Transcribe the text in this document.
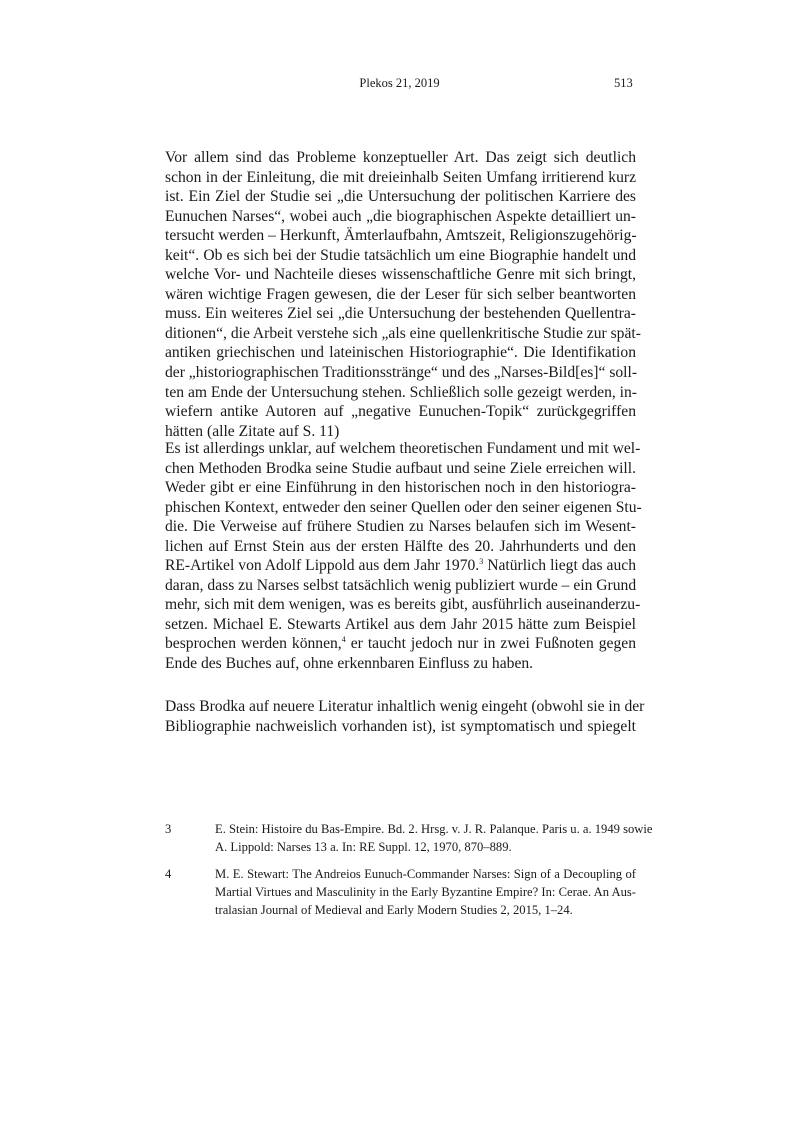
Plekos 21, 2019	513
Vor allem sind das Probleme konzeptueller Art. Das zeigt sich deutlich
schon in der Einleitung, die mit dreieinhalb Seiten Umfang irritierend kurz
ist. Ein Ziel der Studie sei „die Untersuchung der politischen Karriere des
Eunuchen Narses“, wobei auch „die biographischen Aspekte detailliert un-
tersucht werden – Herkunft, Ämterlaufbahn, Amtszeit, Religionszugehörig-
keit“. Ob es sich bei der Studie tatsächlich um eine Biographie handelt und
welche Vor- und Nachteile dieses wissenschaftliche Genre mit sich bringt,
wären wichtige Fragen gewesen, die der Leser für sich selber beantworten
muss. Ein weiteres Ziel sei „die Untersuchung der bestehenden Quellentra-
ditionen“, die Arbeit verstehe sich „als eine quellenkritische Studie zur spät-
antiken griechischen und lateinischen Historiographie“. Die Identifikation
der „historiographischen Traditionsstränge“ und des „Narses-Bild[es]“ soll-
ten am Ende der Untersuchung stehen. Schließlich solle gezeigt werden, in-
wiefern antike Autoren auf „negative Eunuchen-Topik“ zurückgegriffen
hätten (alle Zitate auf S. 11)
Es ist allerdings unklar, auf welchem theoretischen Fundament und mit wel-
chen Methoden Brodka seine Studie aufbaut und seine Ziele erreichen will.
Weder gibt er eine Einführung in den historischen noch in den historiogra-
phischen Kontext, entweder den seiner Quellen oder den seiner eigenen Stu-
die. Die Verweise auf frühere Studien zu Narses belaufen sich im Wesent-
lichen auf Ernst Stein aus der ersten Hälfte des 20. Jahrhunderts und den
RE-Artikel von Adolf Lippold aus dem Jahr 1970.$^3$ Natürlich liegt das auch
daran, dass zu Narses selbst tatsächlich wenig publiziert wurde – ein Grund
mehr, sich mit dem wenigen, was es bereits gibt, ausführlich auseinanderzu-
setzen. Michael E. Stewarts Artikel aus dem Jahr 2015 hätte zum Beispiel
besprochen werden können,$^4$ er taucht jedoch nur in zwei Fußnoten gegen
Ende des Buches auf, ohne erkennbaren Einfluss zu haben.
Dass Brodka auf neuere Literatur inhaltlich wenig eingeht (obwohl sie in der
Bibliographie nachweislich vorhanden ist), ist symptomatisch und spiegelt
3	E. Stein: Histoire du Bas-Empire. Bd. 2. Hrsg. v. J. R. Palanque. Paris u. a. 1949 sowie
A. Lippold: Narses 13 a. In: RE Suppl. 12, 1970, 870–889.
4	M. E. Stewart: The Andreios Eunuch-Commander Narses: Sign of a Decoupling of
Martial Virtues and Masculinity in the Early Byzantine Empire? In: Cerae. An Aus-
tralasian Journal of Medieval and Early Modern Studies 2, 2015, 1–24.
